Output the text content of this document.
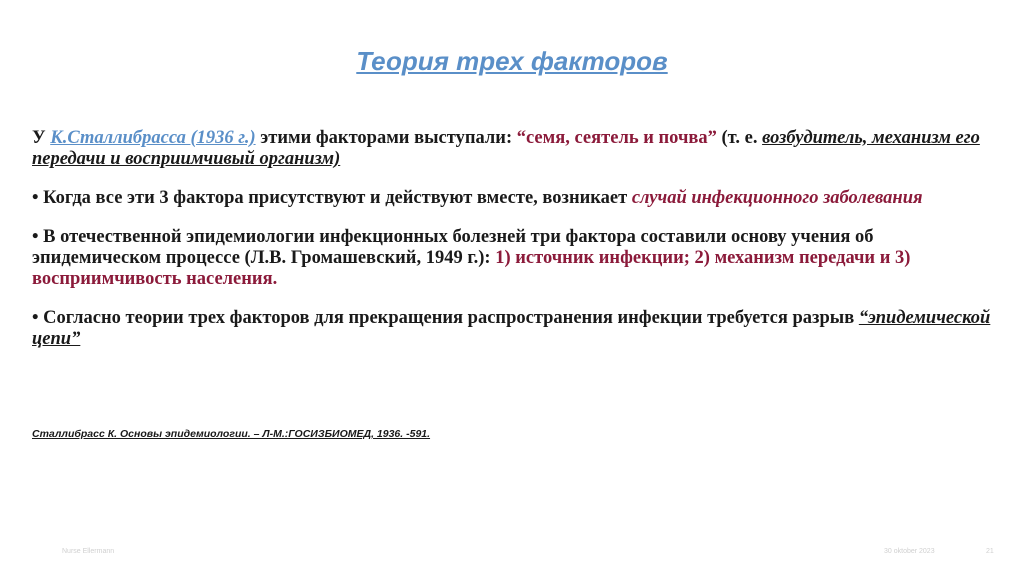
Теория трех факторов

У К.Сталлибрасса (1936 г.) этими факторами выступали: “семя, сеятель и почва” (т. е. возбудитель, механизм его передачи и восприимчивый организм)

• Когда все эти 3 фактора присутствуют и действуют вместе, возникает случай инфекционного заболевания

• В отечественной эпидемиологии инфекционных болезней три фактора составили основу учения об эпидемическом процессе (Л.В. Громашевский, 1949 г.): 1) источник инфекции; 2) механизм передачи и 3) восприимчивость населения.

• Согласно теории трех факторов для прекращения распространения инфекции требуется разрыв “эпидемической цепи”

Сталлибрасс К. Основы эпидемиологии. – Л-М.:ГОСИЗБИОМЕД, 1936. -591.
Nurse Ellermann	30 oktober 2023	21
